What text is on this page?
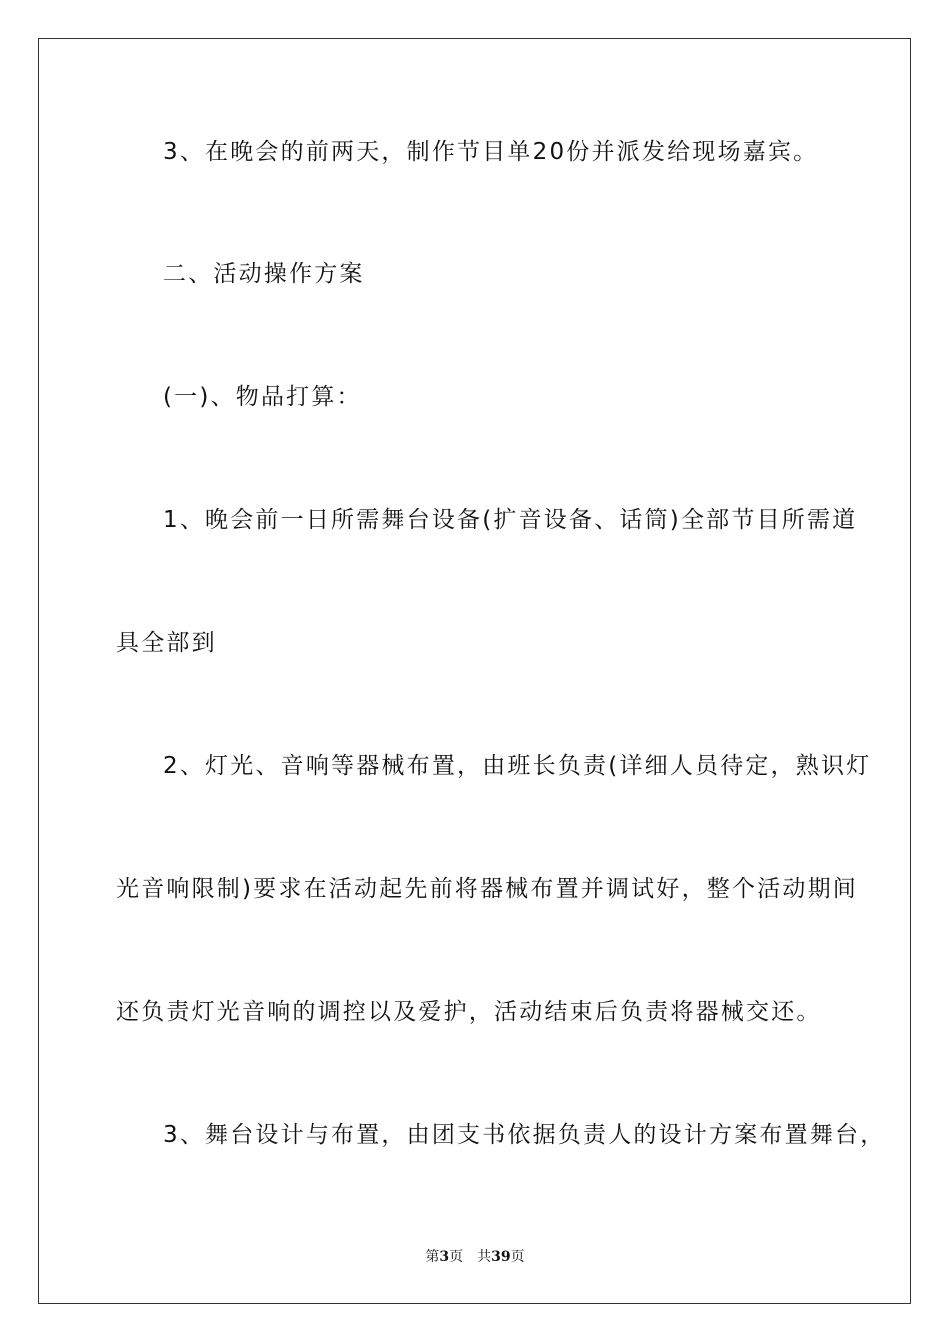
3、在晚会的前两天，制作节目单20份并派发给现场嘉宾。
二、活动操作方案
(一)、物品打算：
1、晚会前一日所需舞台设备(扩音设备、话筒)全部节目所需道
具全部到
2、灯光、音响等器械布置，由班长负责(详细人员待定，熟识灯
光音响限制)要求在活动起先前将器械布置并调试好，整个活动期间
还负责灯光音响的调控以及爱护，活动结束后负责将器械交还。
3、舞台设计与布置，由团支书依据负责人的设计方案布置舞台，
第3页 共39页
